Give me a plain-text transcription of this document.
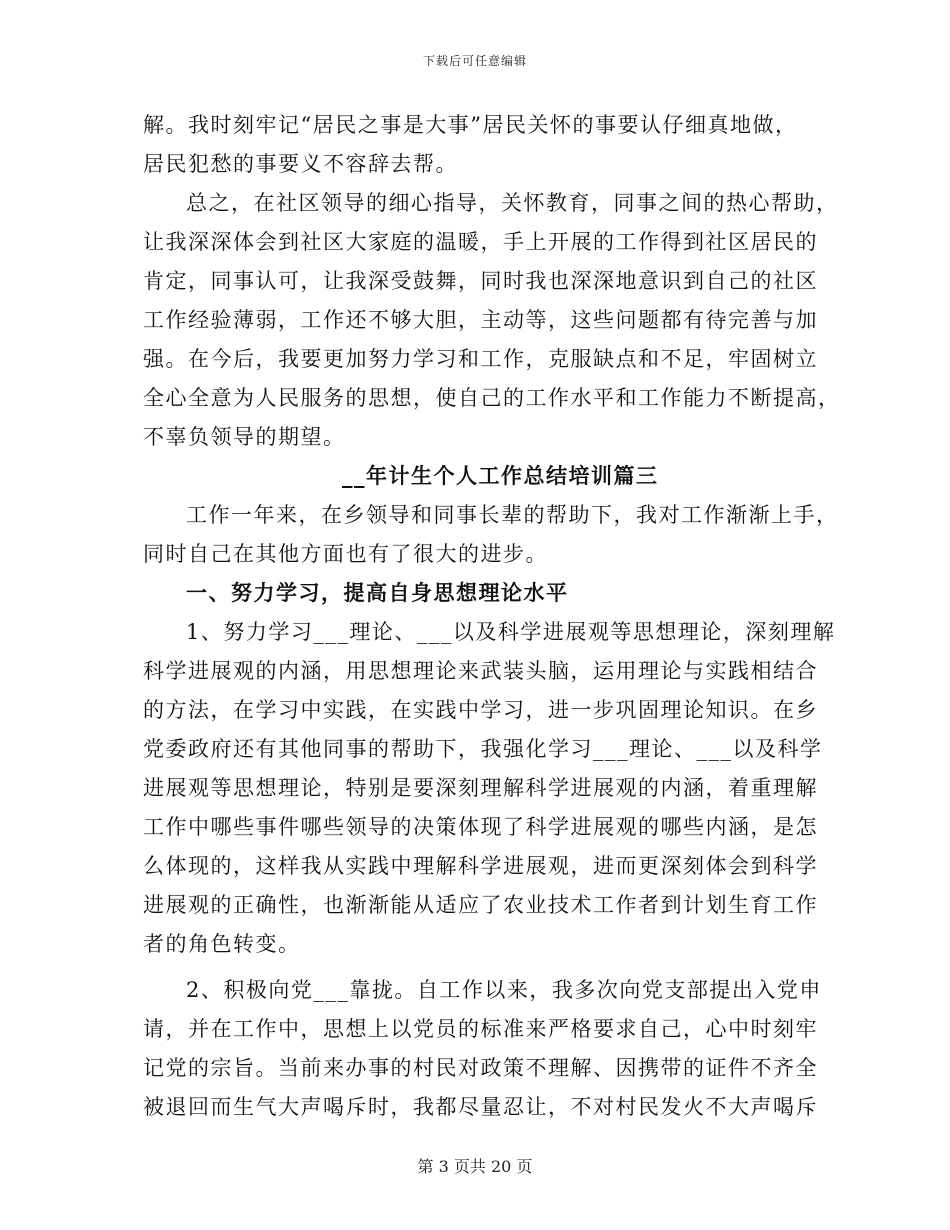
下载后可任意编辑
解。我时刻牢记“居民之事是大事”居民关怀的事要认仔细真地做，
居民犯愁的事要义不容辞去帮。
总之，在社区领导的细心指导，关怀教育，同事之间的热心帮助，
让我深深体会到社区大家庭的温暖，手上开展的工作得到社区居民的
肯定，同事认可，让我深受鼓舞，同时我也深深地意识到自己的社区
工作经验薄弱，工作还不够大胆，主动等，这些问题都有待完善与加
强。在今后，我要更加努力学习和工作，克服缺点和不足，牢固树立
全心全意为人民服务的思想，使自己的工作水平和工作能力不断提高，
不辜负领导的期望。
__年计生个人工作总结培训篇三
工作一年来，在乡领导和同事长辈的帮助下，我对工作渐渐上手，
同时自己在其他方面也有了很大的进步。
一、努力学习，提高自身思想理论水平
1、努力学习___理论、___以及科学进展观等思想理论，深刻理解
科学进展观的内涵，用思想理论来武装头脑，运用理论与实践相结合
的方法，在学习中实践，在实践中学习，进一步巩固理论知识。在乡
党委政府还有其他同事的帮助下，我强化学习___理论、___以及科学
进展观等思想理论，特别是要深刻理解科学进展观的内涵，着重理解
工作中哪些事件哪些领导的决策体现了科学进展观的哪些内涵，是怎
么体现的，这样我从实践中理解科学进展观，进而更深刻体会到科学
进展观的正确性，也渐渐能从适应了农业技术工作者到计划生育工作
者的角色转变。
2、积极向党___靠拢。自工作以来，我多次向党支部提出入党申
请，并在工作中，思想上以党员的标准来严格要求自己，心中时刻牢
记党的宗旨。当前来办事的村民对政策不理解、因携带的证件不齐全
被退回而生气大声喝斥时，我都尽量忍让，不对村民发火不大声喝斥
第 3 页共 20 页
